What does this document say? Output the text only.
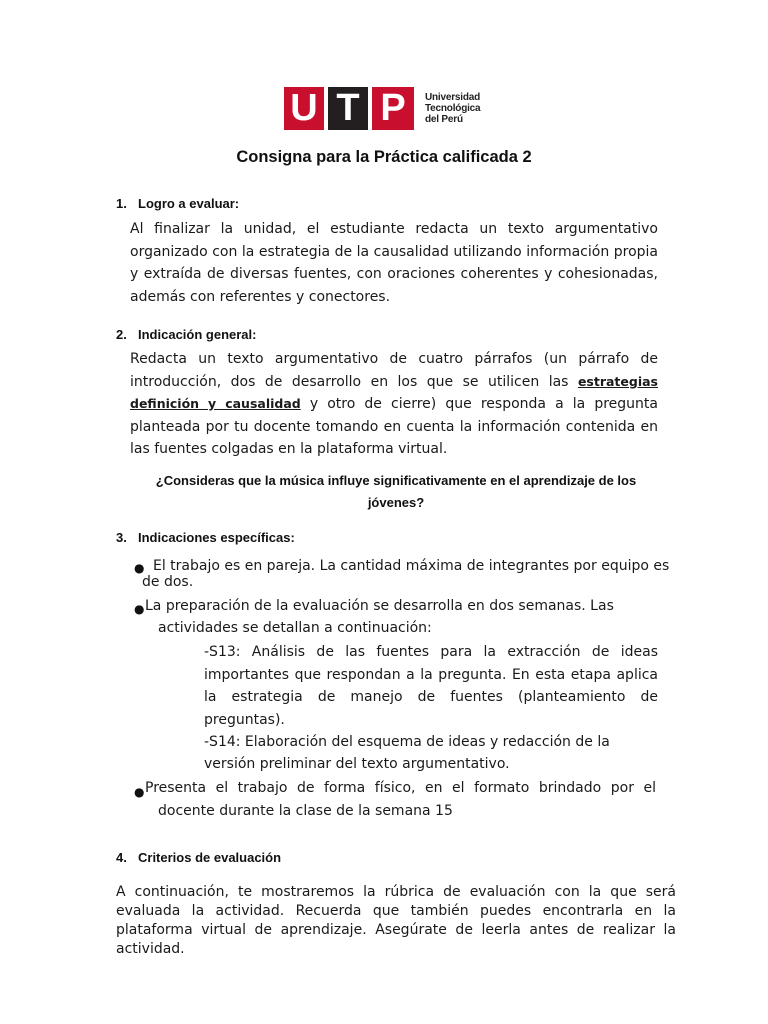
U T P	Universidad
Tecnológica
del Perú
Consigna para la Práctica calificada 2
1. Logro a evaluar:
Al finalizar la unidad, el estudiante redacta un texto argumentativo organizado con la estrategia de la causalidad utilizando información propia y extraída de diversas fuentes, con oraciones coherentes y cohesionadas, además con referentes y conectores.
2. Indicación general:
Redacta un texto argumentativo de cuatro párrafos (un párrafo de introducción, dos de desarrollo en los que se utilicen las estrategias definición y causalidad y otro de cierre) que responda a la pregunta planteada por tu docente tomando en cuenta la información contenida en las fuentes colgadas en la plataforma virtual.
¿Consideras que la música influye significativamente en el aprendizaje de los
jóvenes?
3. Indicaciones específicas:
● El trabajo es en pareja. La cantidad máxima de integrantes por equipo es
de dos.
● La preparación de la evaluación se desarrolla en dos semanas. Las
actividades se detallan a continuación:
-S13: Análisis de las fuentes para la extracción de ideas importantes que respondan a la pregunta. En esta etapa aplica la estrategia de manejo de fuentes (planteamiento de preguntas).
-S14: Elaboración del esquema de ideas y redacción de la
versión preliminar del texto argumentativo.
● Presenta el trabajo de forma físico, en el formato brindado por el
docente durante la clase de la semana 15
4. Criterios de evaluación
A continuación, te mostraremos la rúbrica de evaluación con la que será evaluada la actividad. Recuerda que también puedes encontrarla en la plataforma virtual de aprendizaje. Asegúrate de leerla antes de realizar la actividad.
